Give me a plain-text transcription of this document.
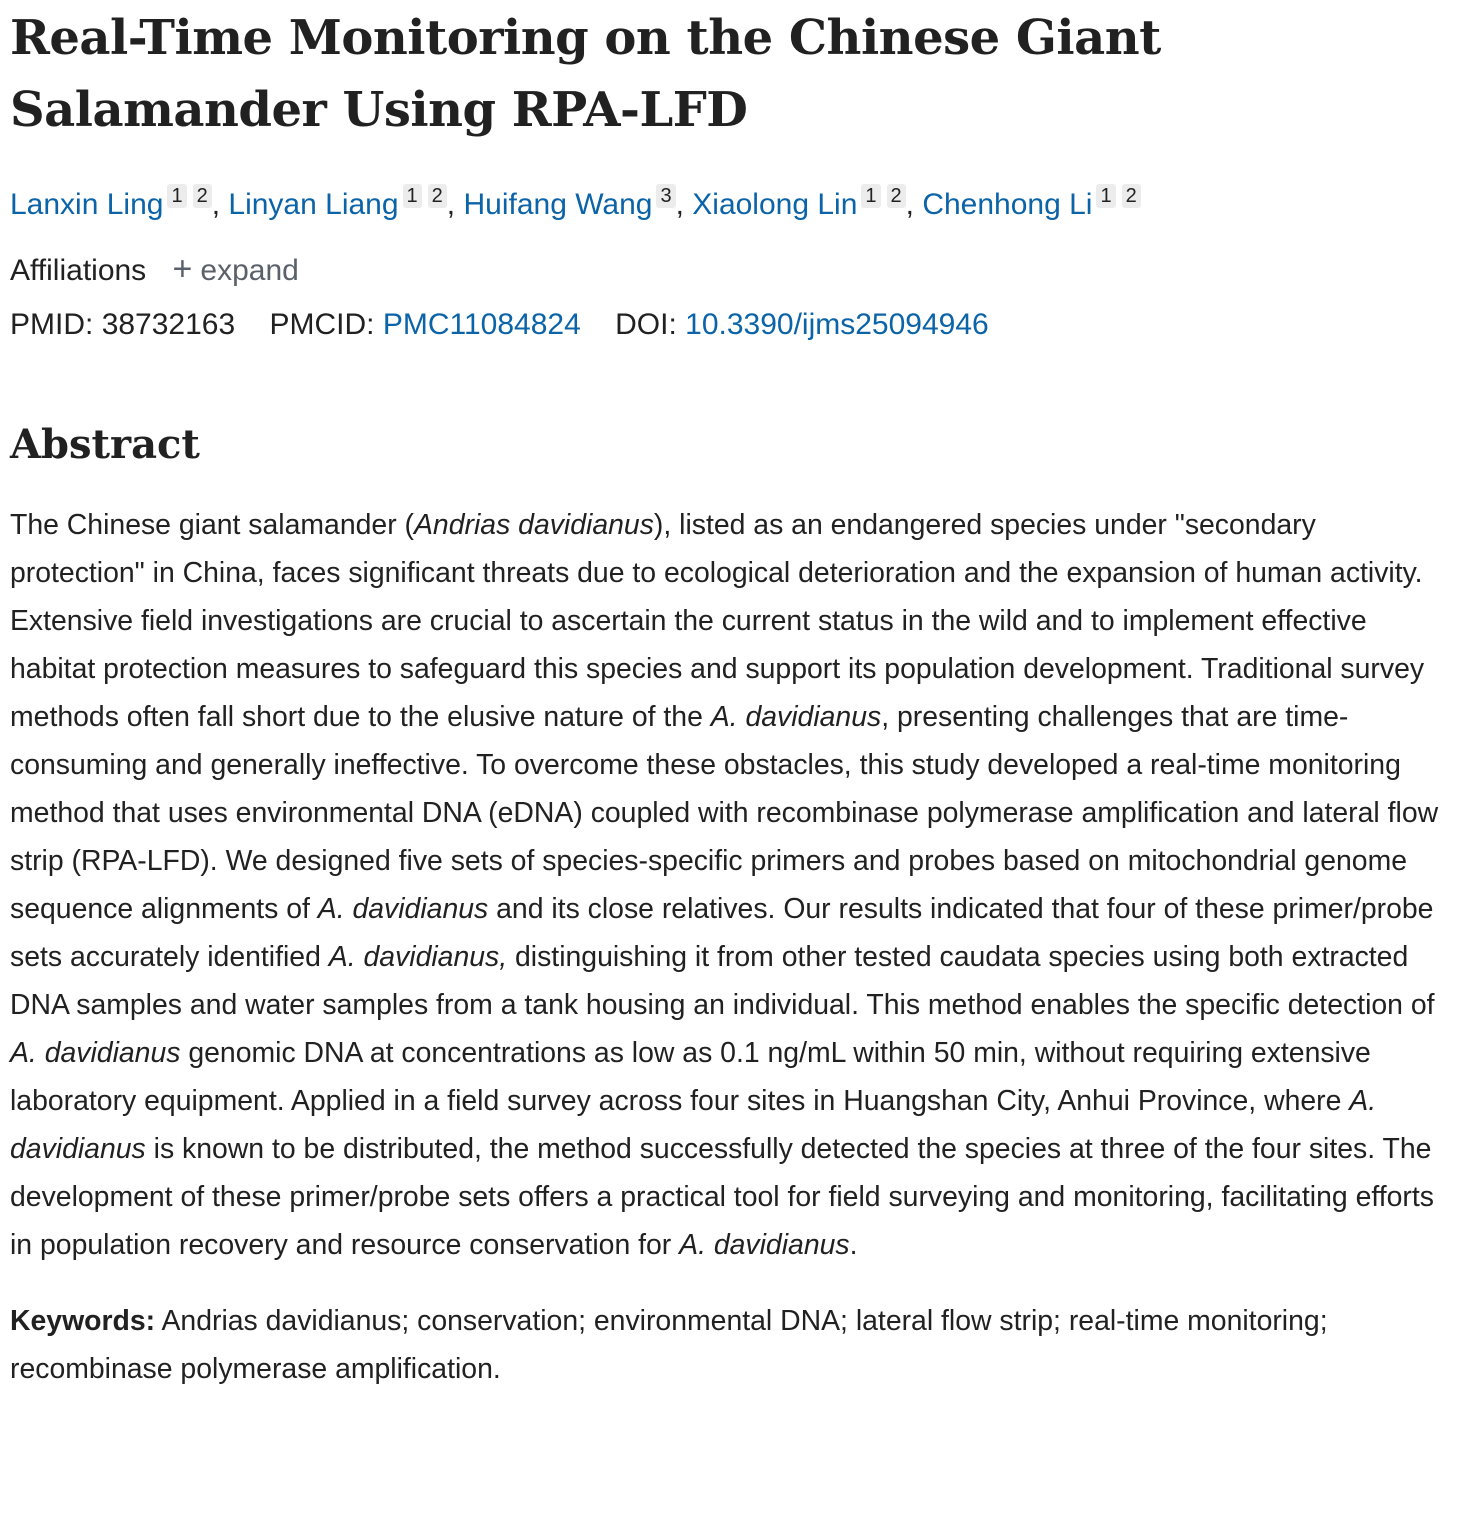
Real-Time Monitoring on the Chinese Giant
Salamander Using RPA-LFD
Lanxin Ling 1 2 , Linyan Liang 1 2 , Huifang Wang 3 , Xiaolong Lin 1 2 , Chenhong Li 1 2
Affiliations + expand
PMID: 38732163 PMCID: PMC11084824 DOI: 10.3390/ijms25094946
Abstract

The Chinese giant salamander (Andrias davidianus), listed as an endangered species under "secondary protection" in China, faces significant threats due to ecological deterioration and the expansion of human activity. Extensive field investigations are crucial to ascertain the current status in the wild and to implement effective habitat protection measures to safeguard this species and support its population development. Traditional survey methods often fall short due to the elusive nature of the A. davidianus, presenting challenges that are time-consuming and generally ineffective. To overcome these obstacles, this study developed a real-time monitoring method that uses environmental DNA (eDNA) coupled with recombinase polymerase amplification and lateral flow strip (RPA-LFD). We designed five sets of species-specific primers and probes based on mitochondrial genome sequence alignments of A. davidianus and its close relatives. Our results indicated that four of these primer/probe sets accurately identified A. davidianus, distinguishing it from other tested caudata species using both extracted DNA samples and water samples from a tank housing an individual. This method enables the specific detection of A. davidianus genomic DNA at concentrations as low as 0.1 ng/mL within 50 min, without requiring extensive laboratory equipment. Applied in a field survey across four sites in Huangshan City, Anhui Province, where A. davidianus is known to be distributed, the method successfully detected the species at three of the four sites. The development of these primer/probe sets offers a practical tool for field surveying and monitoring, facilitating efforts in population recovery and resource conservation for A. davidianus.

Keywords: Andrias davidianus; conservation; environmental DNA; lateral flow strip; real-time monitoring; recombinase polymerase amplification.
